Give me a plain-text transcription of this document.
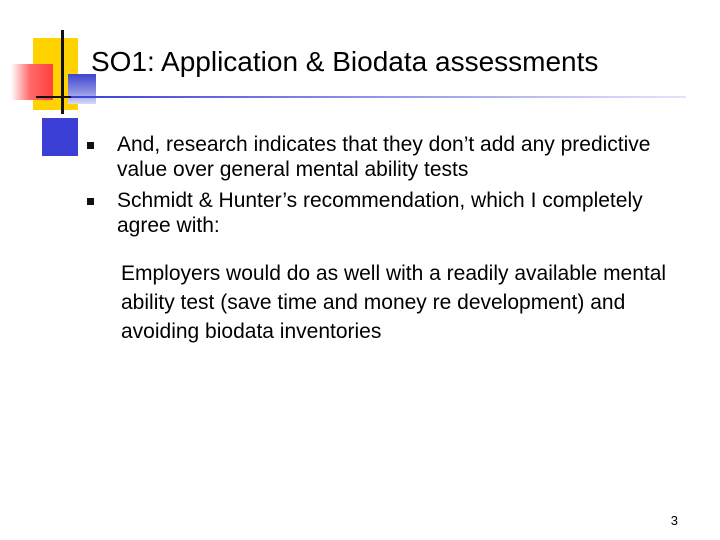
SO1: Application & Biodata assessments
And, research indicates that they don’t add any predictive value over general mental ability tests
Schmidt & Hunter’s recommendation, which I completely agree with:
Employers would do as well with a readily available mental ability test (save time and money re development) and avoiding biodata inventories
3
